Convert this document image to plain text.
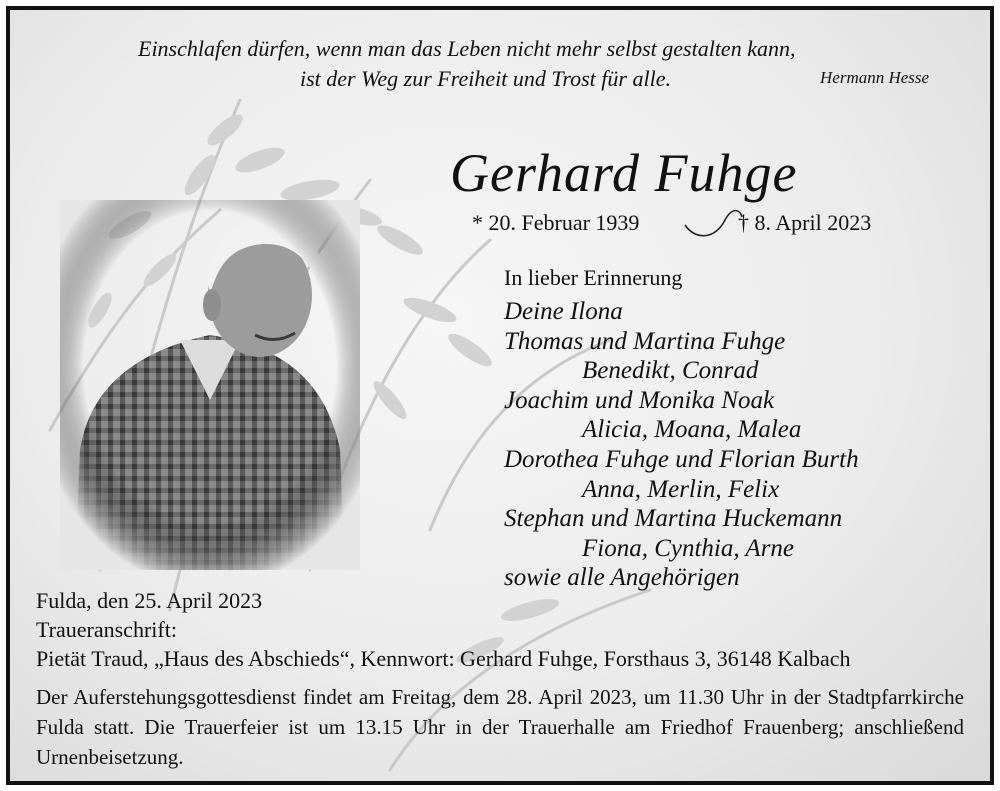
Einschlafen dürfen, wenn man das Leben nicht mehr selbst gestalten kann,
ist der Weg zur Freiheit und Trost für alle.	Hermann Hesse
Gerhard Fuhge
* 20. Februar 1939	† 8. April 2023
In lieber Erinnerung
Deine Ilona
Thomas und Martina Fuhge
Benedikt, Conrad
Joachim und Monika Noak
Alicia, Moana, Malea
Dorothea Fuhge und Florian Burth
Anna, Merlin, Felix
Stephan und Martina Huckemann
Fiona, Cynthia, Arne
sowie alle Angehörigen
Fulda, den 25. April 2023
Traueranschrift:
Pietät Traud, „Haus des Abschieds“, Kennwort: Gerhard Fuhge, Forsthaus 3, 36148 Kalbach
Der Auferstehungsgottesdienst findet am Freitag, dem 28. April 2023, um 11.30 Uhr in der Stadtpfarrkirche Fulda statt. Die Trauerfeier ist um 13.15 Uhr in der Trauerhalle am Friedhof Frauenberg; anschließend Urnenbeisetzung.
